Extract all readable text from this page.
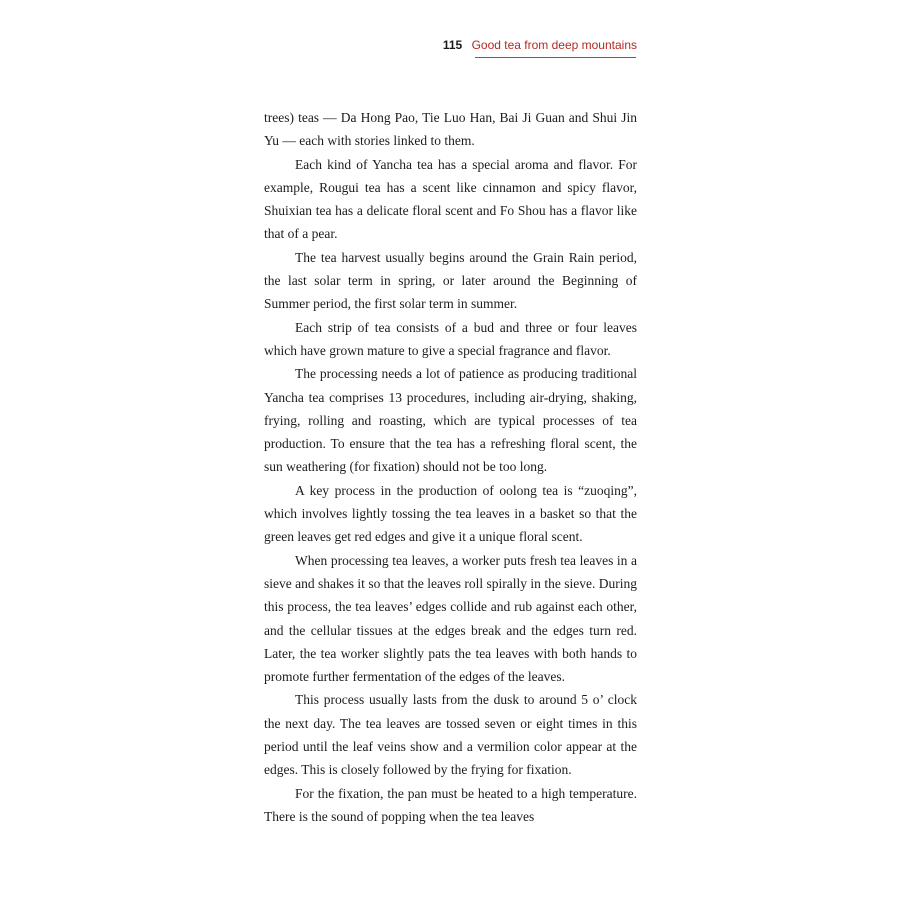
115 Good tea from deep mountains

trees) teas — Da Hong Pao, Tie Luo Han, Bai Ji Guan and Shui Jin Yu — each with stories linked to them.

Each kind of Yancha tea has a special aroma and flavor. For example, Rougui tea has a scent like cinnamon and spicy flavor, Shuixian tea has a delicate floral scent and Fo Shou has a flavor like that of a pear.

The tea harvest usually begins around the Grain Rain period, the last solar term in spring, or later around the Beginning of Summer period, the first solar term in summer.

Each strip of tea consists of a bud and three or four leaves which have grown mature to give a special fragrance and flavor.

The processing needs a lot of patience as producing traditional Yancha tea comprises 13 procedures, including air-drying, shaking, frying, rolling and roasting, which are typical processes of tea production. To ensure that the tea has a refreshing floral scent, the sun weathering (for fixation) should not be too long.

A key process in the production of oolong tea is “zuoqing”, which involves lightly tossing the tea leaves in a basket so that the green leaves get red edges and give it a unique floral scent.

When processing tea leaves, a worker puts fresh tea leaves in a sieve and shakes it so that the leaves roll spirally in the sieve. During this process, the tea leaves’ edges collide and rub against each other, and the cellular tissues at the edges break and the edges turn red. Later, the tea worker slightly pats the tea leaves with both hands to promote further fermentation of the edges of the leaves.

This process usually lasts from the dusk to around 5 o’ clock the next day. The tea leaves are tossed seven or eight times in this period until the leaf veins show and a vermilion color appear at the edges. This is closely followed by the frying for fixation.

For the fixation, the pan must be heated to a high temperature. There is the sound of popping when the tea leaves
